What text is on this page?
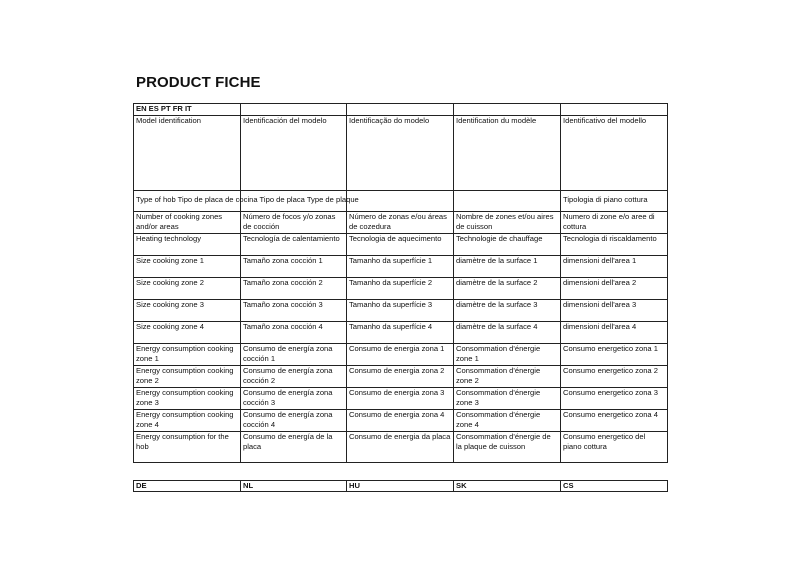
PRODUCT FICHE
EN ES PT FR IT				
Model identification	Identificación del modelo	Identificação do modelo	Identification du modèle	Identificativo del modello
Type of hob Tipo de placa de cocina Tipo de placa Type de plaque				Tipologia di piano cottura
Number of cooking zones and/or areas	Número de focos y/o zonas de cocción	Número de zonas e/ou áreas de cozedura	Nombre de zones et/ou aires de cuisson	Numero di zone e/o aree di cottura
Heating technology	Tecnología de calentamiento	Tecnologia de aquecimento	Technologie de chauffage	Tecnologia di riscaldamento
Size cooking zone 1	Tamaño zona cocción 1	Tamanho da superfície 1	diamètre de la surface 1	dimensioni dell'area 1
Size cooking zone 2	Tamaño zona cocción 2	Tamanho da superfície 2	diamètre de la surface 2	dimensioni dell'area 2
Size cooking zone 3	Tamaño zona cocción 3	Tamanho da superfície 3	diamètre de la surface 3	dimensioni dell'area 3
Size cooking zone 4	Tamaño zona cocción 4	Tamanho da superfície 4	diamètre de la surface 4	dimensioni dell'area 4
Energy consumption cooking zone 1	Consumo de energía zona cocción 1	Consumo de energia zona 1	Consommation d'énergie zone 1	Consumo energetico zona 1
Energy consumption cooking zone 2	Consumo de energía zona cocción 2	Consumo de energia zona 2	Consommation d'énergie zone 2	Consumo energetico zona 2
Energy consumption cooking zone 3	Consumo de energía zona cocción 3	Consumo de energia zona 3	Consommation d'énergie zone 3	Consumo energetico zona 3
Energy consumption cooking zone 4	Consumo de energía zona cocción 4	Consumo de energia zona 4	Consommation d'énergie zone 4	Consumo energetico zona 4
Energy consumption for the hob	Consumo de energía de la placa	Consumo de energia da placa	Consommation d'énergie de la plaque de cuisson	Consumo energetico del piano cottura
DE	NL	HU	SK	CS
